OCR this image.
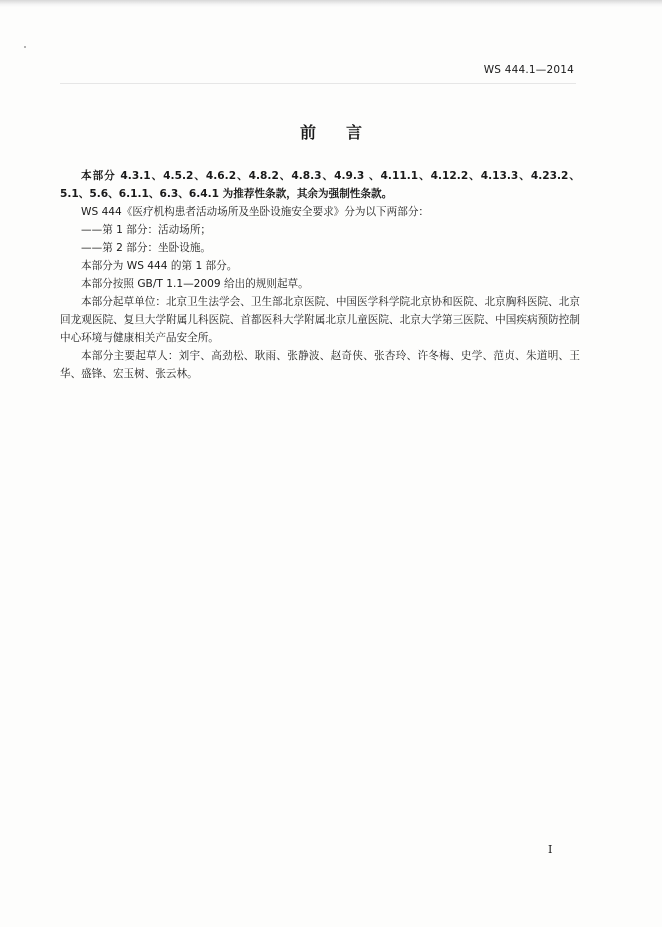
WS 444.1—2014
前言

本部分 4.3.1、4.5.2、4.6.2、4.8.2、4.8.3、4.9.3 、4.11.1、4.12.2、4.13.3、4.23.2、5.1、5.6、6.1.1、6.3、6.4.1 为推荐性条款，其余为强制性条款。

WS 444《医疗机构患者活动场所及坐卧设施安全要求》分为以下两部分：

——第 1 部分：活动场所；

——第 2 部分：坐卧设施。

本部分为 WS 444 的第 1 部分。

本部分按照 GB/T 1.1—2009 给出的规则起草。

本部分起草单位：北京卫生法学会、卫生部北京医院、中国医学科学院北京协和医院、北京胸科医院、北京回龙观医院、复旦大学附属儿科医院、首都医科大学附属北京儿童医院、北京大学第三医院、中国疾病预防控制中心环境与健康相关产品安全所。

本部分主要起草人：刘宇、高劲松、耿雨、张静波、赵奇侠、张杏玲、许冬梅、史学、范贞、朱道明、王华、盛锋、宏玉树、张云林。

I
